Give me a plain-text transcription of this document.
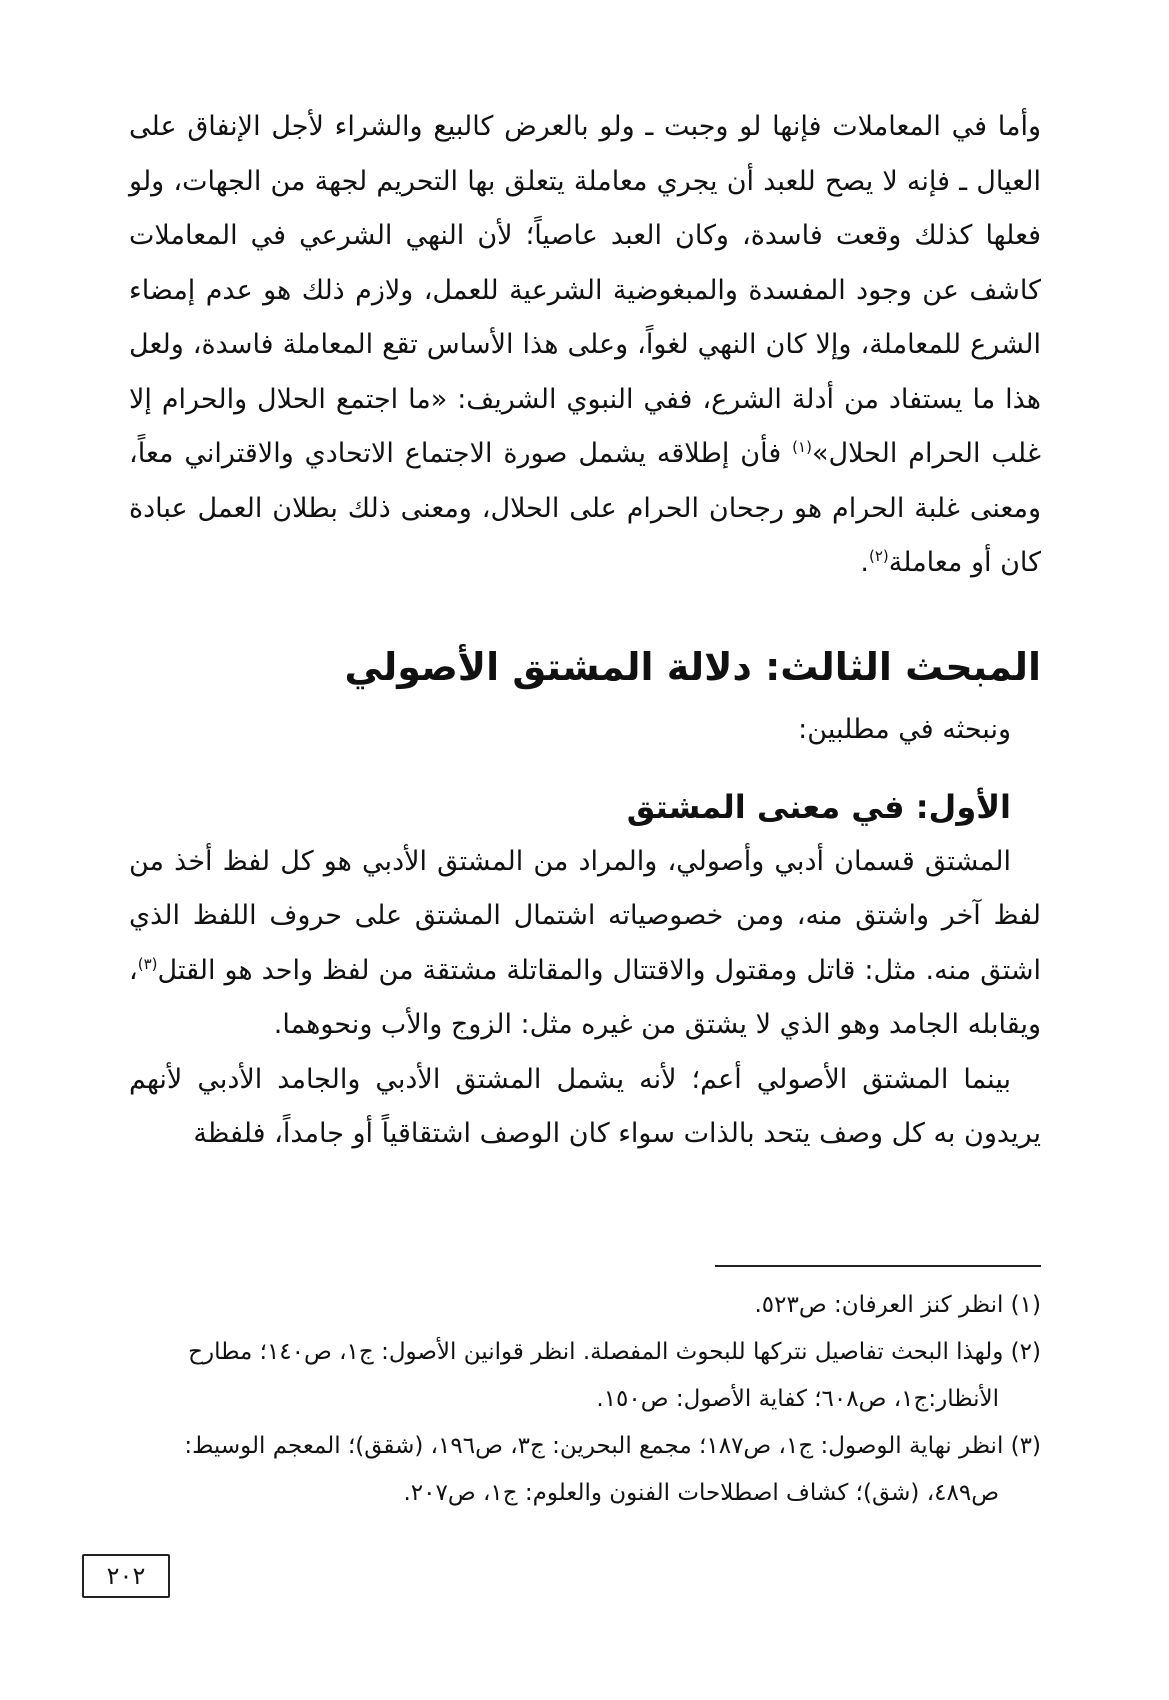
وأما في المعاملات فإنها لو وجبت ـ ولو بالعرض كالبيع والشراء لأجل الإنفاق على العيال ـ فإنه لا يصح للعبد أن يجري معاملة يتعلق بها التحريم لجهة من الجهات، ولو فعلها كذلك وقعت فاسدة، وكان العبد عاصياً؛ لأن النهي الشرعي في المعاملات كاشف عن وجود المفسدة والمبغوضية الشرعية للعمل، ولازم ذلك هو عدم إمضاء الشرع للمعاملة، وإلا كان النهي لغواً، وعلى هذا الأساس تقع المعاملة فاسدة، ولعل هذا ما يستفاد من أدلة الشرع، ففي النبوي الشريف: «ما اجتمع الحلال والحرام إلا غلب الحرام الحلال»$^{(١)}$ فأن إطلاقه يشمل صورة الاجتماع الاتحادي والاقتراني معاً، ومعنى غلبة الحرام هو رجحان الحرام على الحلال، ومعنى ذلك بطلان العمل عبادة كان أو معاملة$^{(٢)}$.

المبحث الثالث: دلالة المشتق الأصولي

ونبحثه في مطلبين:

الأول: في معنى المشتق

المشتق قسمان أدبي وأصولي، والمراد من المشتق الأدبي هو كل لفظ أخذ من لفظ آخر واشتق منه، ومن خصوصياته اشتمال المشتق على حروف اللفظ الذي اشتق منه. مثل: قاتل ومقتول والاقتتال والمقاتلة مشتقة من لفظ واحد هو القتل$^{(٣)}$، ويقابله الجامد وهو الذي لا يشتق من غيره مثل: الزوج والأب ونحوهما.

بينما المشتق الأصولي أعم؛ لأنه يشمل المشتق الأدبي والجامد الأدبي لأنهم يريدون به كل وصف يتحد بالذات سواء كان الوصف اشتقاقياً أو جامداً، فلفظة

(١) انظر كنز العرفان: ص٥٢٣.

(٢) ولهذا البحث تفاصيل نتركها للبحوث المفصلة. انظر قوانين الأصول: ج١، ص١٤٠؛ مطارح
الأنظار:ج١، ص٦٠٨؛ كفاية الأصول: ص١٥٠.

(٣) انظر نهاية الوصول: ج١، ص١٨٧؛ مجمع البحرين: ج٣، ص١٩٦، (شقق)؛ المعجم الوسيط:
ص٤٨٩، (شق)؛ كشاف اصطلاحات الفنون والعلوم: ج١، ص٢٠٧.

٢٠٢
